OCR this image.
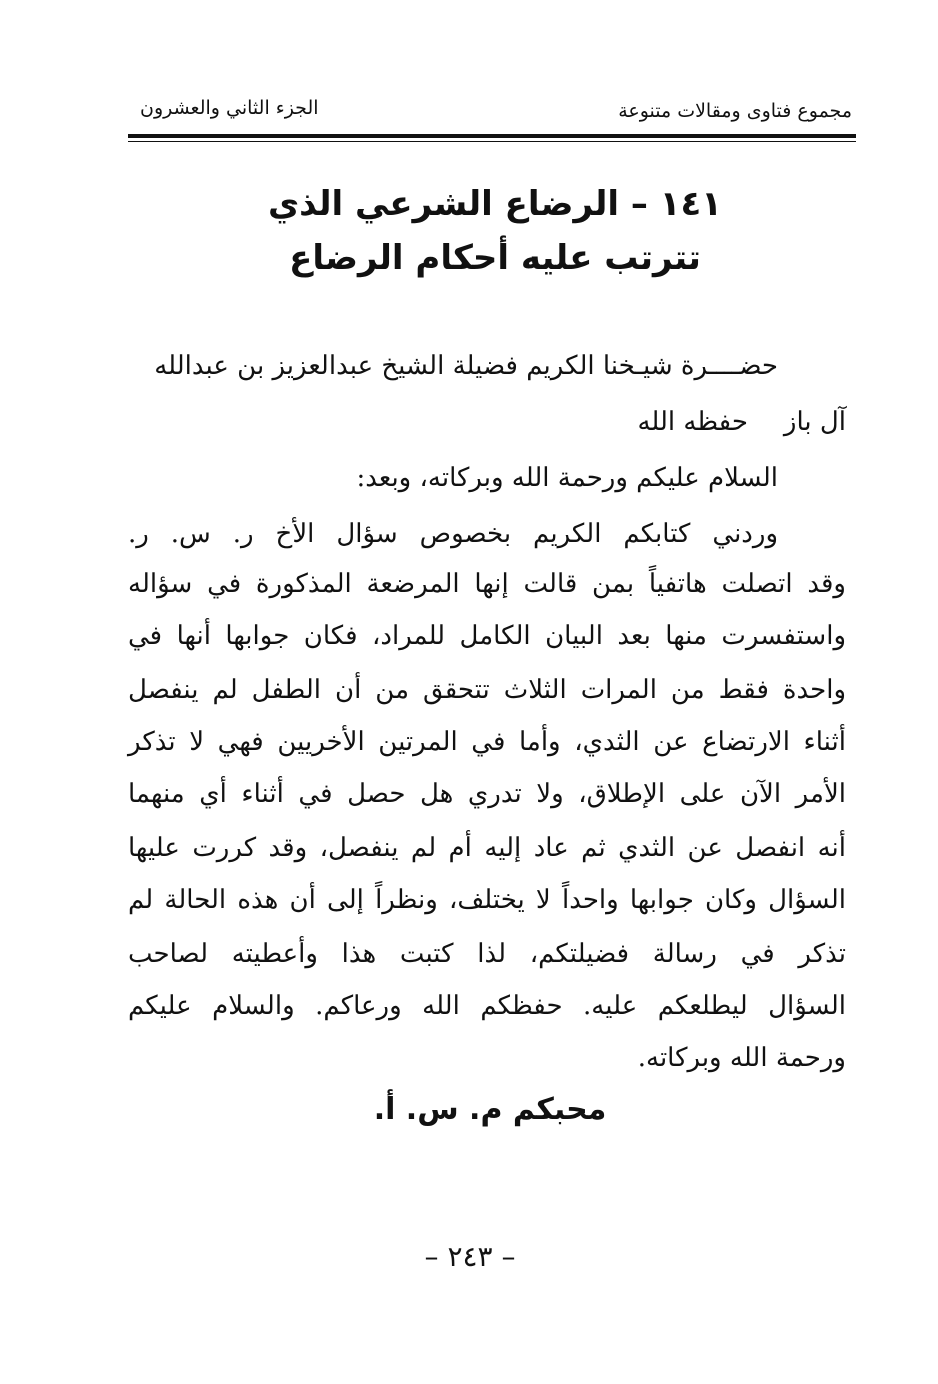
مجموع فتاوى ومقالات متنوعة
الجزء الثاني والعشرون
١٤١ – الرضاع الشرعي الذي
تترتب عليه أحكام الرضاع
حضــــرة شيـخنا الكريم فضيلة الشيخ عبدالعزيز بن عبدالله
آل بازحفظه الله
السلام عليكم ورحمة الله وبركاته، وبعد:
وردني كتابكم الكريم بخصوص سؤال الأخ ر. س. ر.
وقد اتصلت هاتفياً بمن قالت إنها المرضعة المذكورة في سؤاله
واستفسرت منها بعد البيان الكامل للمراد، فكان جوابها أنها في
واحدة فقط من المرات الثلاث تتحقق من أن الطفل لم ينفصل
أثناء الارتضاع عن الثدي، وأما في المرتين الأخريين فهي لا تذكر
الأمر الآن على الإطلاق، ولا تدري هل حصل في أثناء أي منهما
أنه انفصل عن الثدي ثم عاد إليه أم لم ينفصل، وقد كررت عليها
السؤال وكان جوابها واحداً لا يختلف، ونظراً إلى أن هذه الحالة لم
تذكر في رسالة فضيلتكم، لذا كتبت هذا وأعطيته لصاحب
السؤال ليطلعكم عليه. حفظكم الله ورعاكم. والسلام عليكم
ورحمة الله وبركاته.
محبكم م. س. أ.
– ٢٤٣ –
